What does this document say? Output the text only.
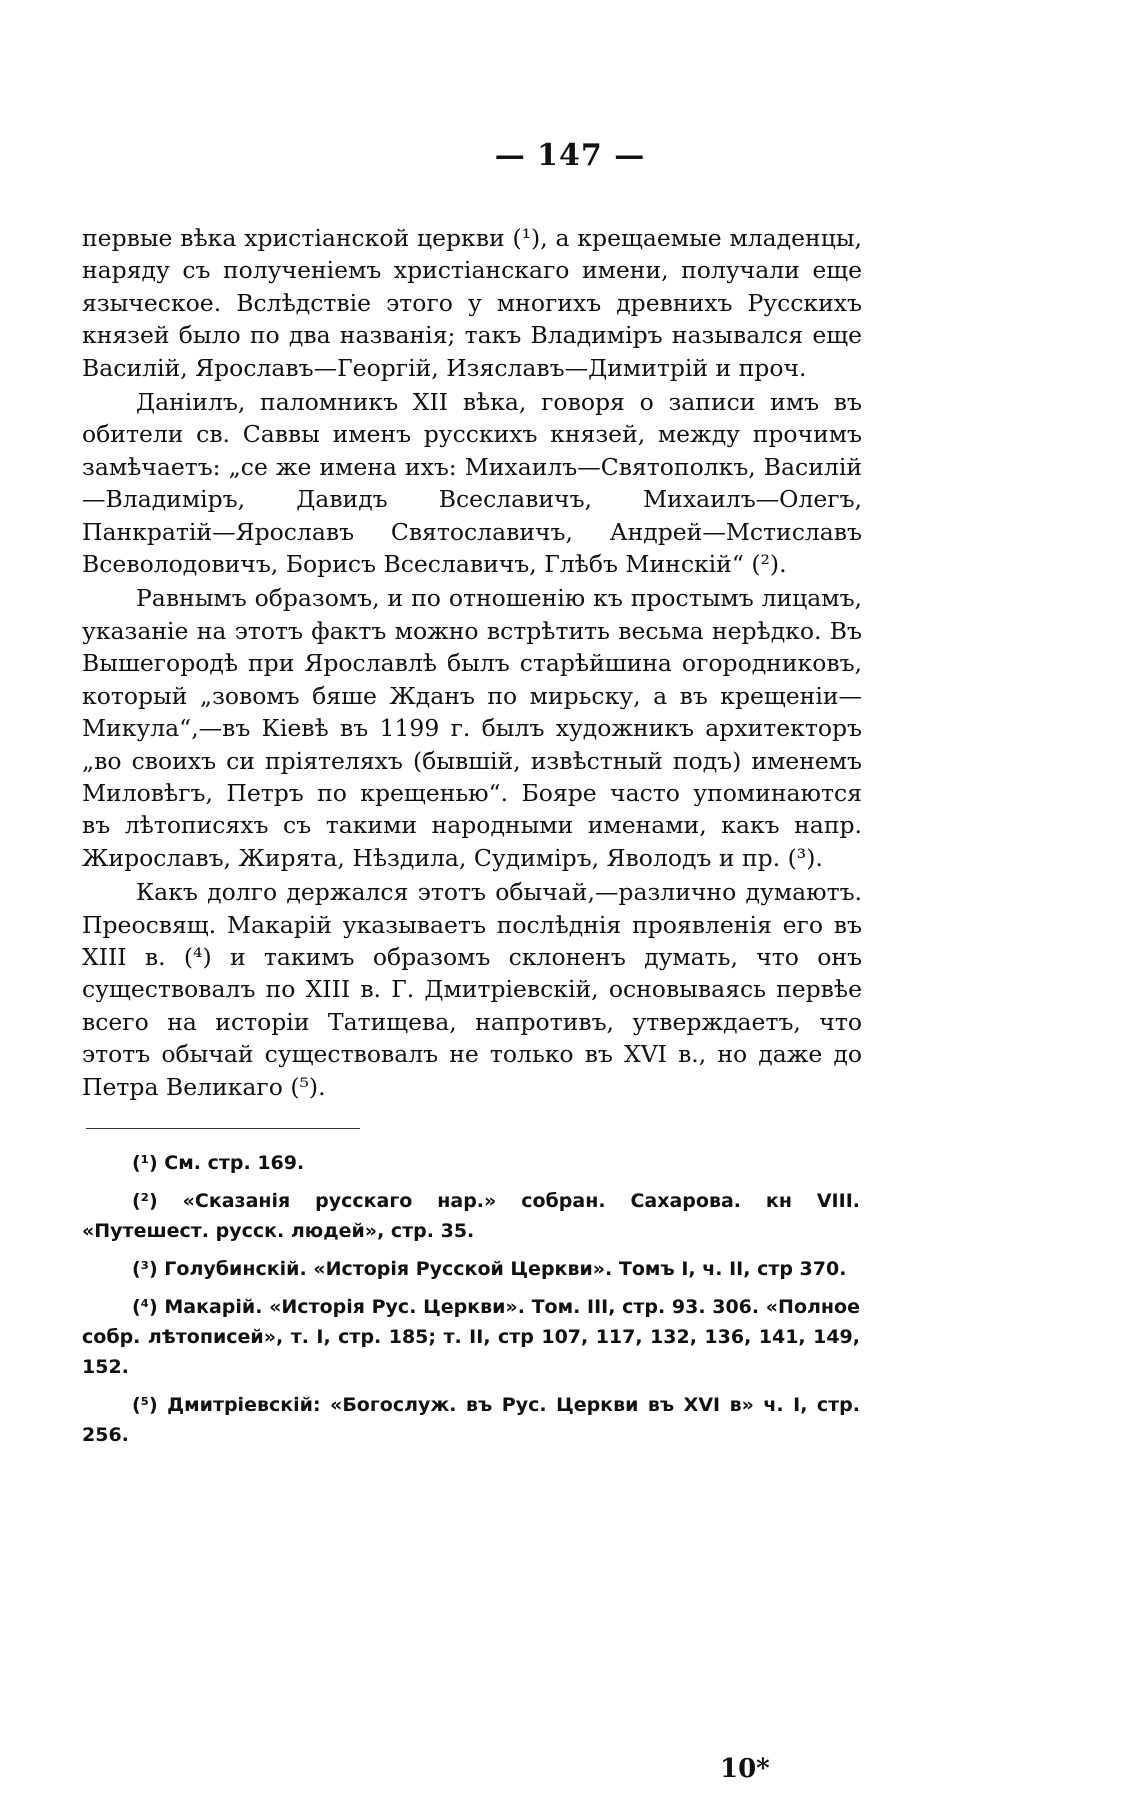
— 147 —

первые вѣка христіанской церкви (¹), а крещаемые младенцы, наряду съ полученіемъ христіанскаго имени, получали еще языческое. Вслѣдствіе этого у многихъ древнихъ Русскихъ князей было по два названія; такъ Владиміръ назывался еще Василій, Ярославъ—Георгій, Изяславъ—Димитрій и проч.

Даніилъ, паломникъ XII вѣка, говоря о записи имъ въ обители св. Саввы именъ русскихъ князей, между прочимъ замѣчаетъ: „се же имена ихъ: Михаилъ—Святополкъ, Василій—Владиміръ, Давидъ Всеславичъ, Михаилъ—Олегъ, Панкратій—Ярославъ Святославичъ, Андрей—Мстиславъ Всеволодовичъ, Борисъ Всеславичъ, Глѣбъ Минскій“ (²).

Равнымъ образомъ, и по отношенію къ простымъ лицамъ, указаніе на этотъ фактъ можно встрѣтить весьма нерѣдко. Въ Вышегородѣ при Ярославлѣ былъ старѣйшина огородниковъ, который „зовомъ бяше Жданъ по мирьску, а въ крещеніи—Микула“,—въ Кіевѣ въ 1199 г. былъ художникъ архитекторъ „во своихъ си пріятеляхъ (бывшій, извѣстный подъ) именемъ Миловѣгъ, Петръ по крещенью“. Бояре часто упоминаются въ лѣтописяхъ съ такими народными именами, какъ напр. Жирославъ, Жирята, Нѣздила, Судиміръ, Яволодъ и пр. (³).

Какъ долго держался этотъ обычай,—различно думаютъ. Преосвящ. Макарій указываетъ послѣднія проявленія его въ XIII в. (⁴) и такимъ образомъ склоненъ думать, что онъ существовалъ по XIII в. Г. Дмитріевскій, основываясь первѣе всего на исторіи Татищева, напротивъ, утверждаетъ, что этотъ обычай существовалъ не только въ XVI в., но даже до Петра Великаго (⁵).

(¹) См. стр. 169.

(²) «Сказанія русскаго нар.» собран. Сахарова. кн VIII. «Путешест. русск. людей», стр. 35.

(³) Голубинскій. «Исторія Русской Церкви». Томъ I, ч. II, стр 370.

(⁴) Макарій. «Исторія Рус. Церкви». Том. III, стр. 93. 306. «Полное собр. лѣтописей», т. I, стр. 185; т. II, стр 107, 117, 132, 136, 141, 149, 152.

(⁵) Дмитріевскій: «Богослуж. въ Рус. Церкви въ XVI в» ч. I, стр. 256.

10*
